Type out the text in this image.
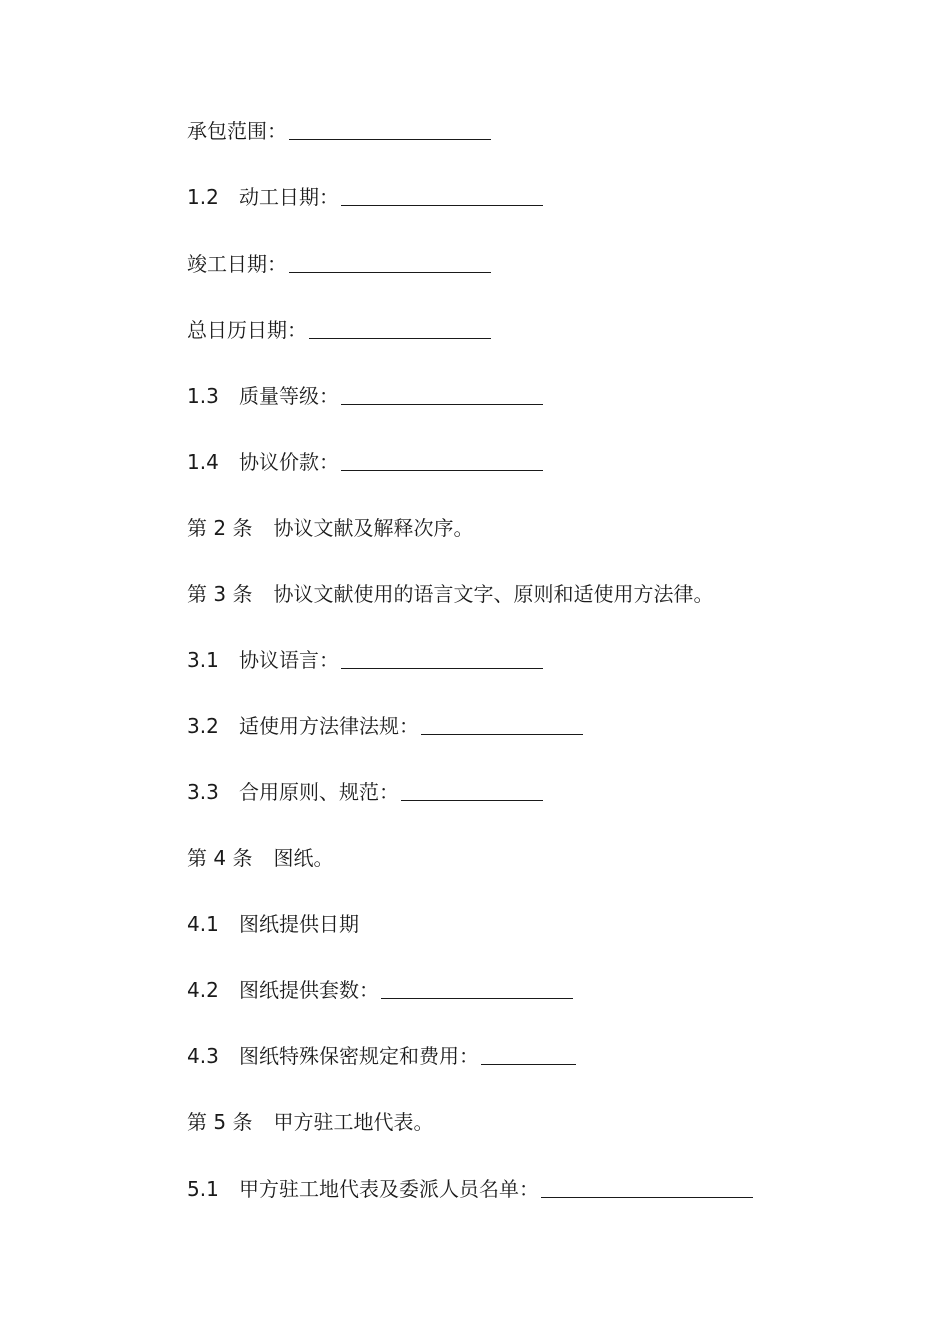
承包范围：
1.2	动工日期：
竣工日期：
总日历日期：
1.3	质量等级：
1.4	协议价款：
第 2 条 协议文献及解释次序。
第 3 条 协议文献使用的语言文字、原则和适使用方法律。
3.1	协议语言：
3.2	适使用方法律法规：
3.3	合用原则、规范：
第 4 条 图纸。
4.1	图纸提供日期
4.2	图纸提供套数：
4.3	图纸特殊保密规定和费用：
第 5 条 甲方驻工地代表。
5.1	甲方驻工地代表及委派人员名单：
